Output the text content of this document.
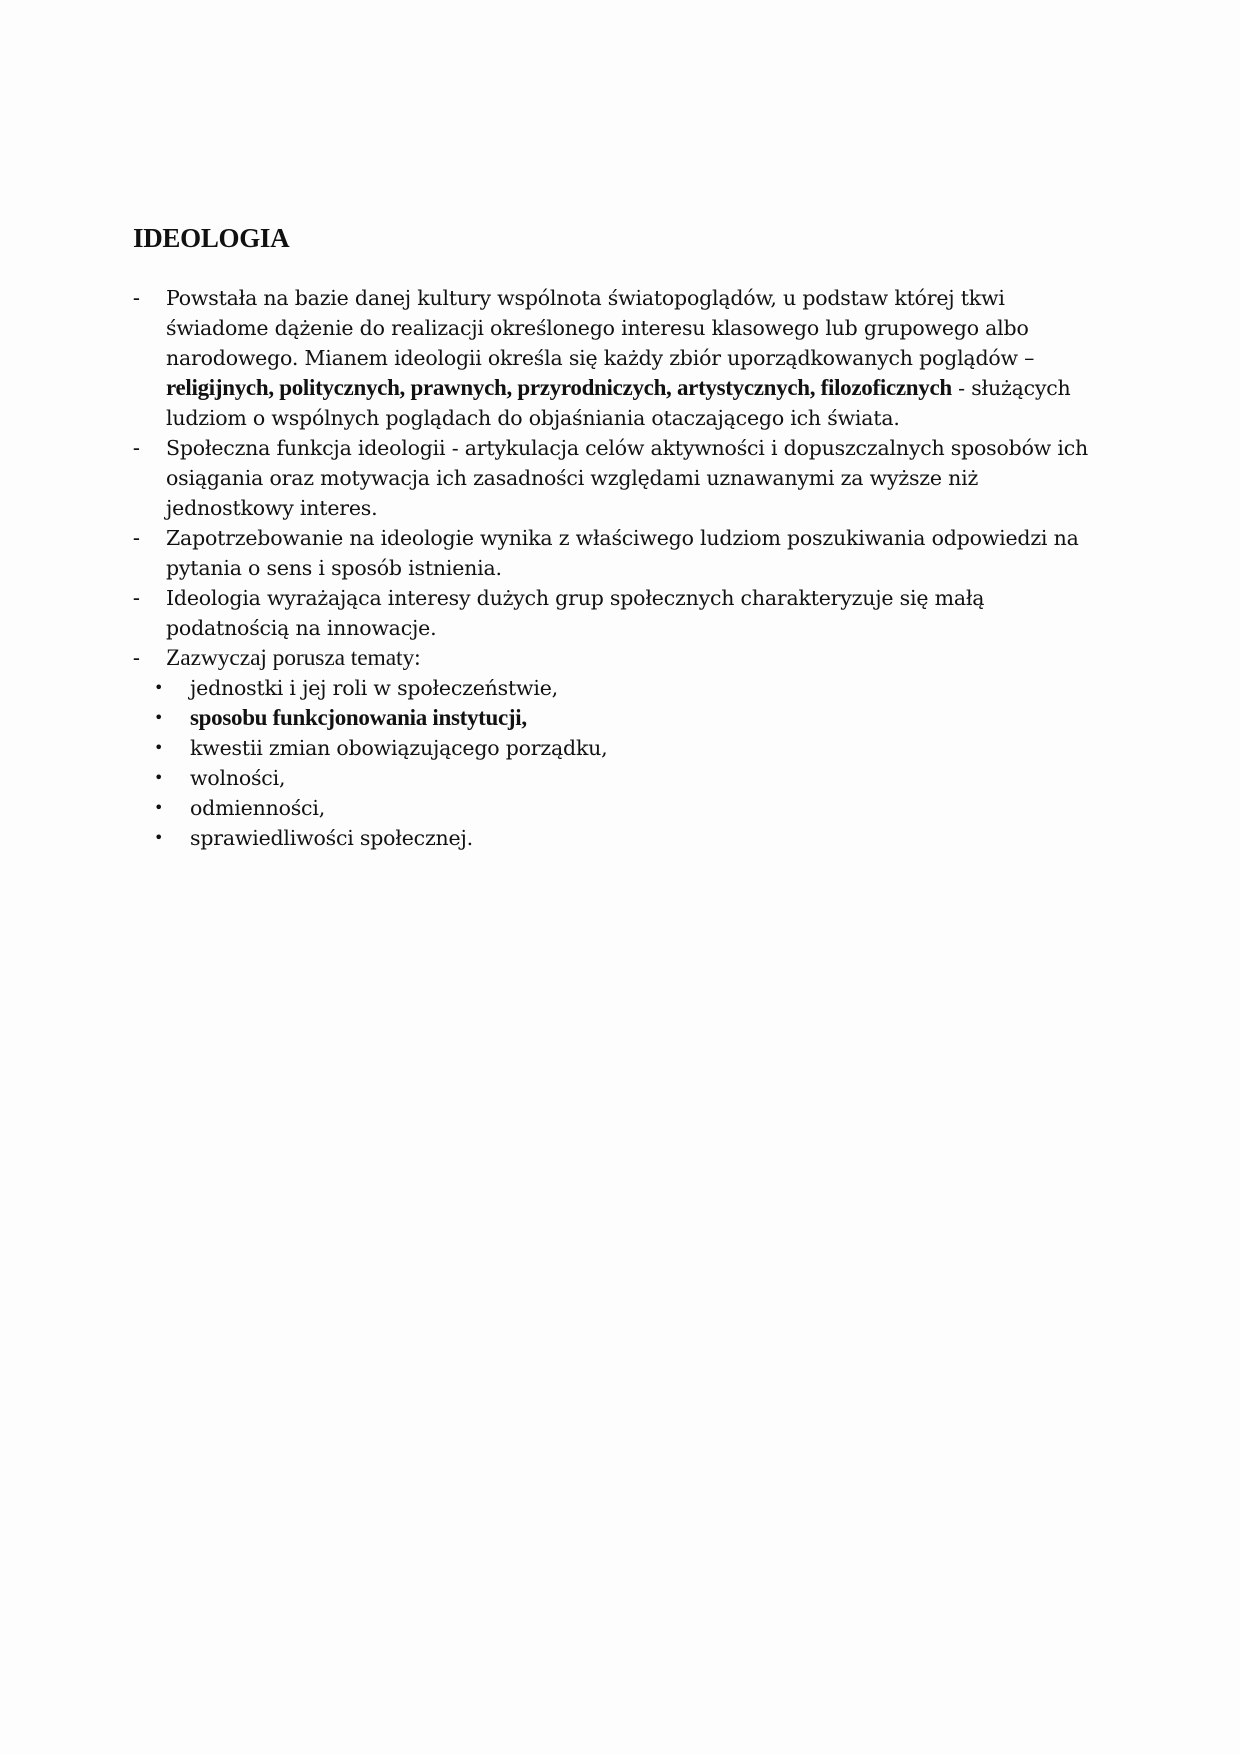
IDEOLOGIA
-	Powstała na bazie danej kultury wspólnota światopoglądów, u podstaw której tkwi świadome dążenie do realizacji określonego interesu klasowego lub grupowego albo narodowego. Mianem ideologii określa się każdy zbiór uporządkowanych poglądów – religijnych, politycznych, prawnych, przyrodniczych, artystycznych, filozoficznych - służących ludziom o wspólnych poglądach do objaśniania otaczającego ich świata.
-	Społeczna funkcja ideologii - artykulacja celów aktywności i dopuszczalnych sposobów ich osiągania oraz motywacja ich zasadności względami uznawanymi za wyższe niż jednostkowy interes.
-	Zapotrzebowanie na ideologie wynika z właściwego ludziom poszukiwania odpowiedzi na pytania o sens i sposób istnienia.
-	Ideologia wyrażająca interesy dużych grup społecznych charakteryzuje się małą podatnością na innowacje.
-	Zazwyczaj porusza tematy:
• jednostki i jej roli w społeczeństwie,
• sposobu funkcjonowania instytucji,
• kwestii zmian obowiązującego porządku,
• wolności,
• odmienności,
• sprawiedliwości społecznej.
